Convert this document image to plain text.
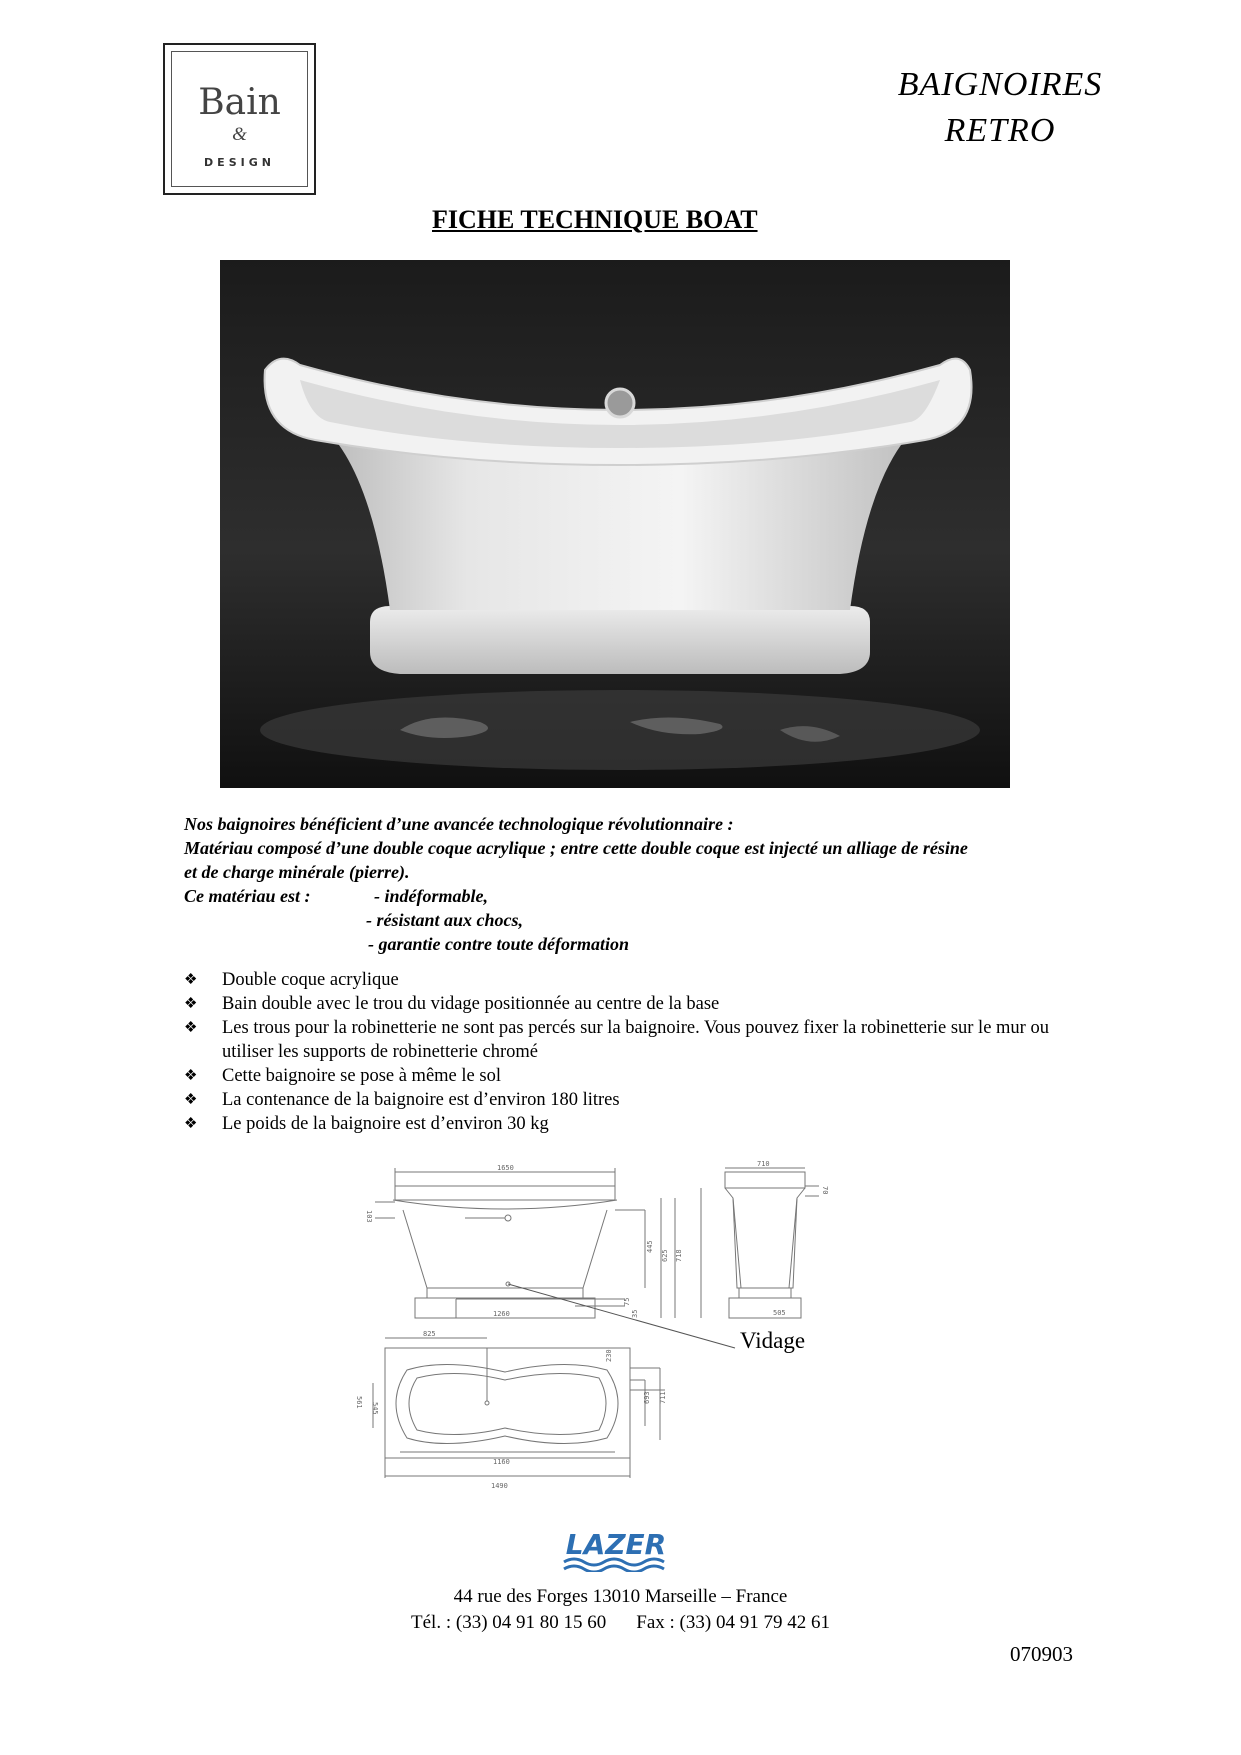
Bain
&
DESIGN
BAIGNOIRES
RETRO
FICHE TECHNIQUE BOAT

Nos baignoires bénéficient d’une avancée technologique révolutionnaire :

Matériau composé d’une double coque acrylique ; entre cette double coque est injecté un alliage de résine

et de charge minérale (pierre).

Ce matériau est :	- indéformable,
- résistant aux chocs,
- garantie contre toute déformation
❖ Double coque acrylique
❖ Bain double avec le trou du vidage positionnée au centre de la base
❖ Les trous pour la robinetterie ne sont pas percés sur la baignoire. Vous pouvez fixer la robinetterie sur le mur ou utiliser les supports de robinetterie chromé
❖ Cette baignoire se pose à même le sol
❖ La contenance de la baignoire est d’environ 180 litres
❖ Le poids de la baignoire est d’environ 30 kg
1650
1260
103
445
625 718
75
35
710
505
70
825
561 545
1160
1490
230
693 711
Vidage
LAZER
44 rue des Forges 13010 Marseille – France
Tél. : (33) 04 91 80 15 60 Fax : (33) 04 91 79 42 61
070903
